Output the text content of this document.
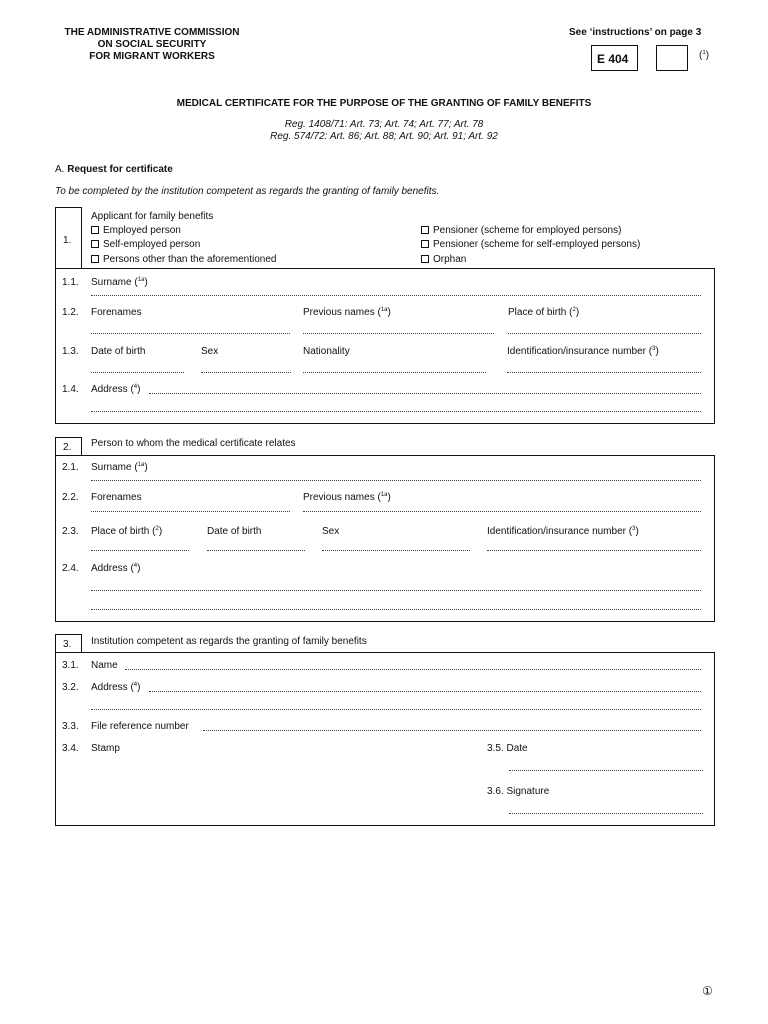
THE ADMINISTRATIVE COMMISSION
ON SOCIAL SECURITY
FOR MIGRANT WORKERS
See ‘instructions’ on page 3
E 404	($^1$)
MEDICAL CERTIFICATE FOR THE PURPOSE OF THE GRANTING OF FAMILY BENEFITS
Reg. 1408/71: Art. 73; Art. 74; Art. 77; Art. 78
Reg. 574/72: Art. 86; Art. 88; Art. 90; Art. 91; Art. 92
A. Request for certificate
To be completed by the institution competent as regards the granting of family benefits.
1.
Applicant for family benefits
Employed person
Self-employed person
Persons other than the aforementioned
Pensioner (scheme for employed persons)
Pensioner (scheme for self-employed persons)
Orphan
1.1. Surname ($^{1a}$)
1.2. Forenames	Previous names ($^{1a}$)	Place of birth ($^2$)
1.3. Date of birth	Sex	Nationality	Identification/insurance number ($^3$)
1.4. Address ($^4$)
2. Person to whom the medical certificate relates
2.1. Surname ($^{1a}$)
2.2. Forenames	Previous names ($^{1a}$)
2.3. Place of birth ($^2$)	Date of birth	Sex	Identification/insurance number ($^3$)
2.4. Address ($^4$)
3. Institution competent as regards the granting of family benefits
3.1. Name
3.2. Address ($^4$)
3.3. File reference number
3.4. Stamp	3.5. Date
3.6. Signature
①
